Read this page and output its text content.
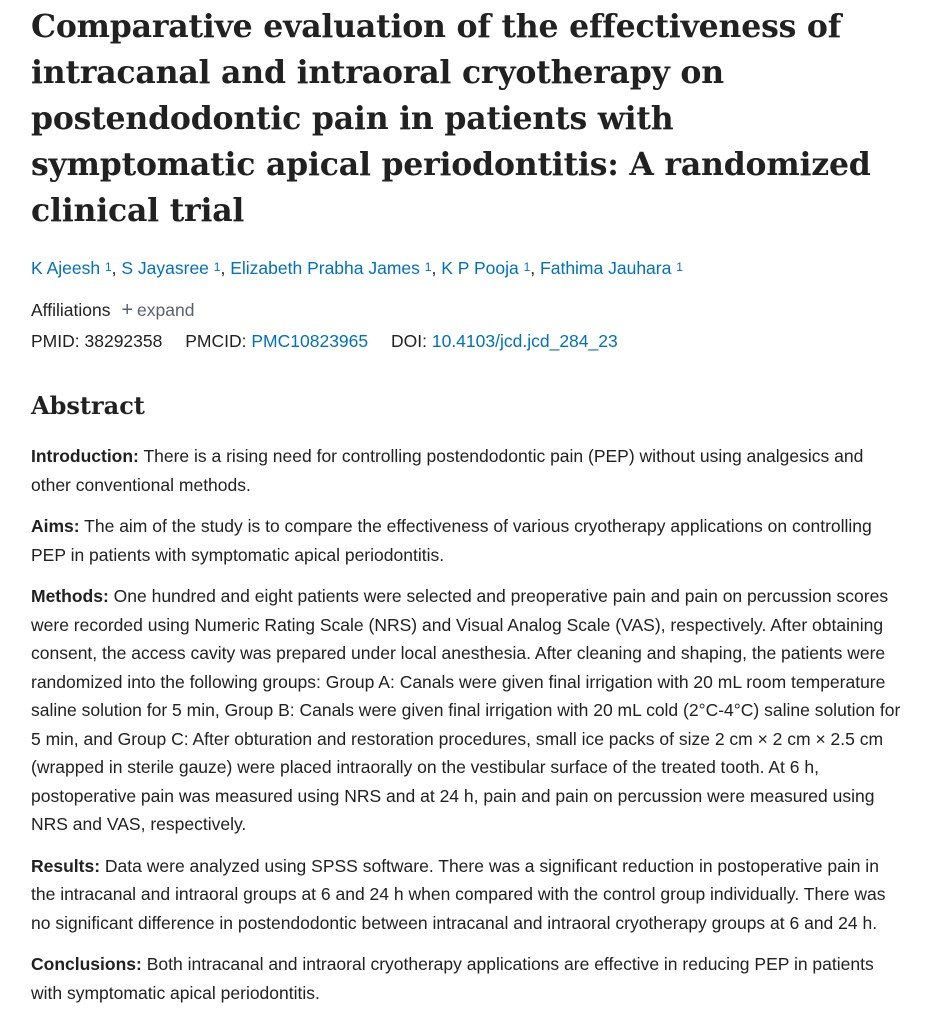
Comparative evaluation of the effectiveness of intracanal and intraoral cryotherapy on postendodontic pain in patients with symptomatic apical periodontitis: A randomized clinical trial
K Ajeesh $^1$, S Jayasree $^1$, Elizabeth Prabha James $^1$, K P Pooja $^1$, Fathima Jauhara $^1$
Affiliations + expand
PMID: 38292358 PMCID: PMC10823965 DOI: 10.4103/jcd.jcd_284_23
Abstract

Introduction: There is a rising need for controlling postendodontic pain (PEP) without using analgesics and other conventional methods.

Aims: The aim of the study is to compare the effectiveness of various cryotherapy applications on controlling PEP in patients with symptomatic apical periodontitis.

Methods: One hundred and eight patients were selected and preoperative pain and pain on percussion scores were recorded using Numeric Rating Scale (NRS) and Visual Analog Scale (VAS), respectively. After obtaining consent, the access cavity was prepared under local anesthesia. After cleaning and shaping, the patients were randomized into the following groups: Group A: Canals were given final irrigation with 20 mL room temperature saline solution for 5 min, Group B: Canals were given final irrigation with 20 mL cold (2°C-4°C) saline solution for 5 min, and Group C: After obturation and restoration procedures, small ice packs of size 2 cm × 2 cm × 2.5 cm (wrapped in sterile gauze) were placed intraorally on the vestibular surface of the treated tooth. At 6 h, postoperative pain was measured using NRS and at 24 h, pain and pain on percussion were measured using NRS and VAS, respectively.

Results: Data were analyzed using SPSS software. There was a significant reduction in postoperative pain in the intracanal and intraoral groups at 6 and 24 h when compared with the control group individually. There was no significant difference in postendodontic between intracanal and intraoral cryotherapy groups at 6 and 24 h.

Conclusions: Both intracanal and intraoral cryotherapy applications are effective in reducing PEP in patients with symptomatic apical periodontitis.
